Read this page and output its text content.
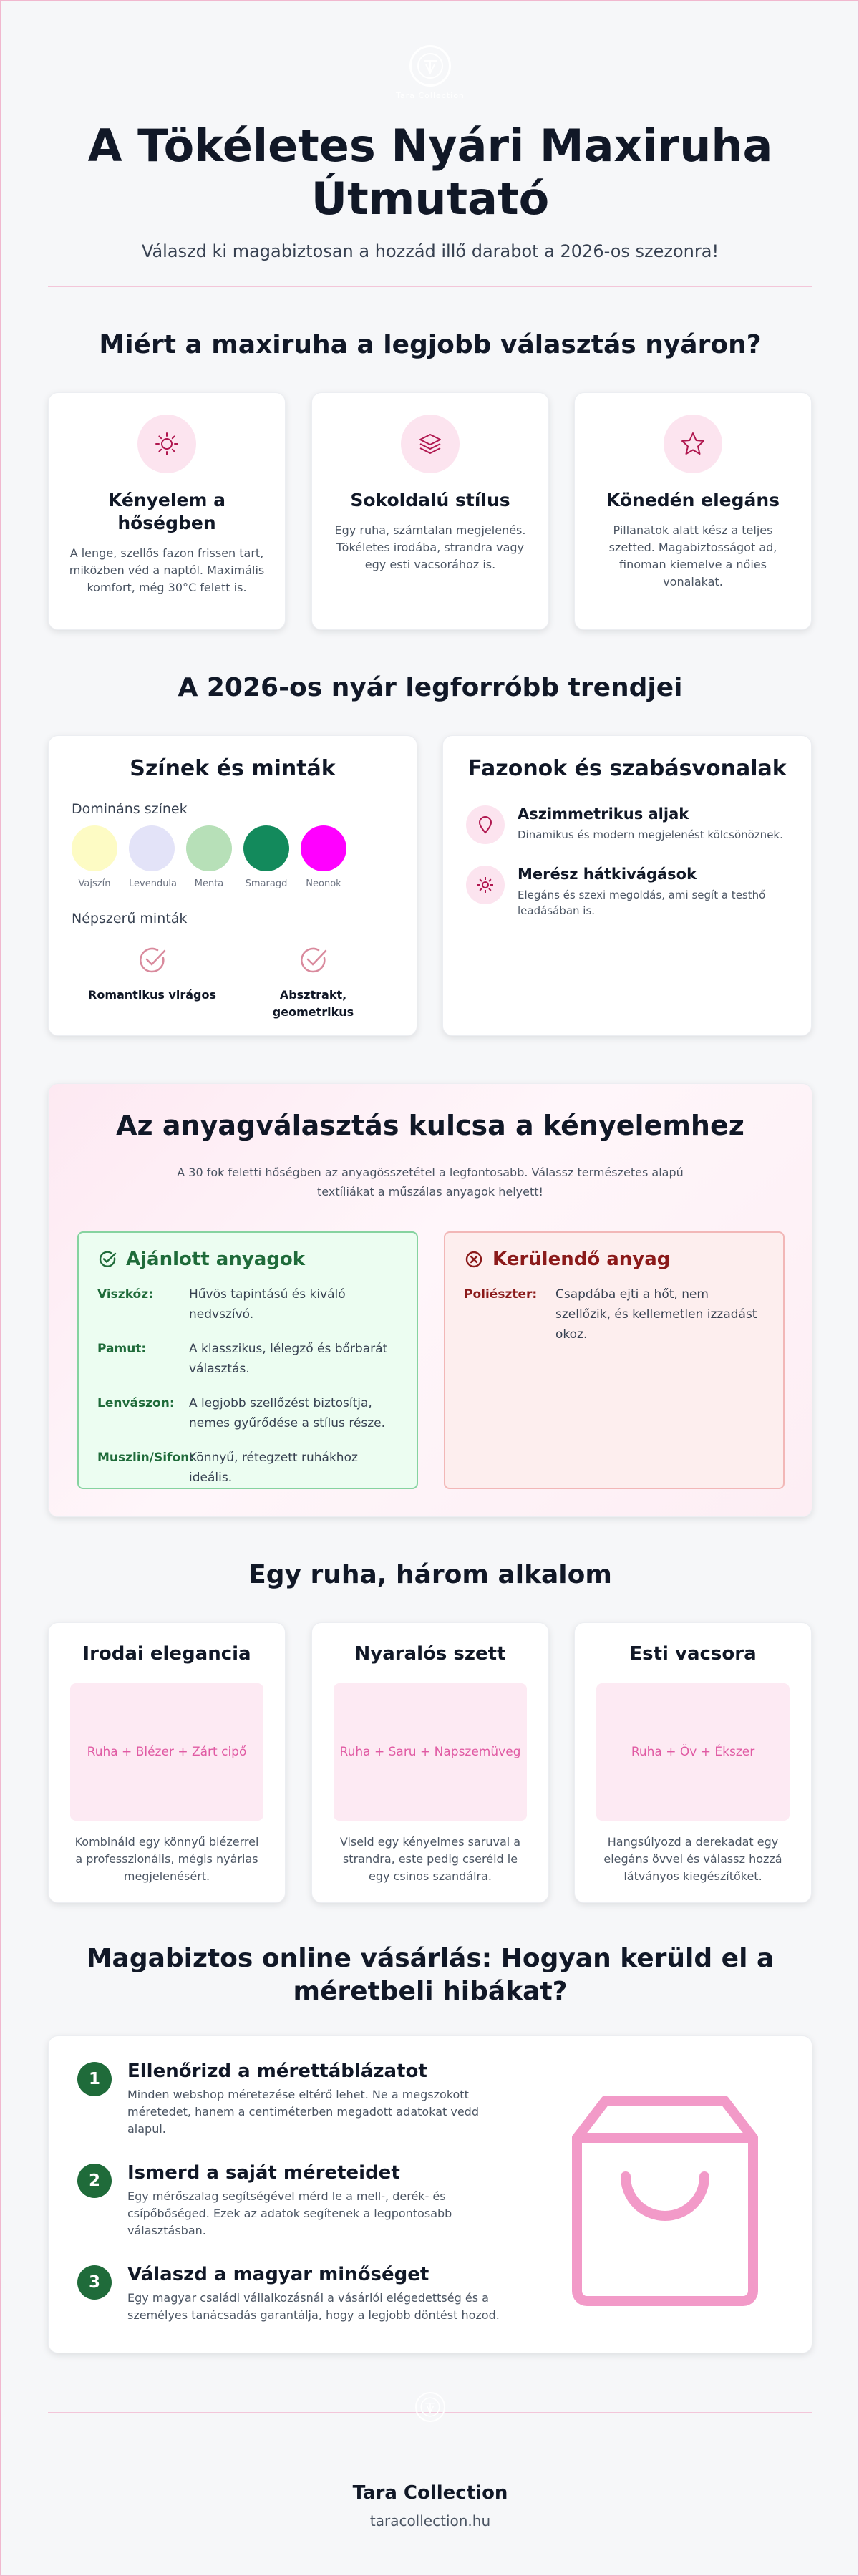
Tara Collection
A Tökéletes Nyári Maxiruha Útmutató
Válaszd ki magabiztosan a hozzád illő darabot a 2026-os szezonra!
Miért a maxiruha a legjobb választás nyáron?
Kényelem a hőségben
A lenge, szellős fazon frissen tart, miközben véd a naptól. Maximális komfort, még 30°C felett is.
Sokoldalú stílus
Egy ruha, számtalan megjelenés. Tökéletes irodába, strandra vagy egy esti vacsorához is.
Könedén elegáns
Pillanatok alatt kész a teljes szetted. Magabiztosságot ad, finoman kiemelve a nőies vonalakat.
A 2026-os nyár legforróbb trendjei
Színek és minták
Domináns színek
Vajszín	Levendula	Menta	Smaragd	Neonok
Népszerű minták
Romantikus virágos	Absztrakt, geometrikus
Fazonok és szabásvonalak
Aszimmetrikus aljak
Dinamikus és modern megjelenést kölcsönöznek.
Merész hátkivágások
Elegáns és szexi megoldás, ami segít a testhő leadásában is.
Az anyagválasztás kulcsa a kényelemhez
A 30 fok feletti hőségben az anyagösszetétel a legfontosabb. Válassz természetes alapú textíliákat a műszálas anyagok helyett!
Ajánlott anyagok
Viszkóz:	Hűvös tapintású és kiváló nedvszívó.
Pamut:	A klasszikus, lélegző és bőrbarát választás.
Lenvászon:	A legjobb szellőzést biztosítja, nemes gyűrődése a stílus része.
Muszlin/Sifon:
Könnyű, rétegzett ruhákhoz ideális.
Kerülendő anyag
Poliészter:	Csapdába ejti a hőt, nem szellőzik, és kellemetlen izzadást okoz.
Egy ruha, három alkalom
Irodai elegancia
Ruha + Blézer + Zárt cipő
Kombináld egy könnyű blézerrel a professzionális, mégis nyárias megjelenésért.
Nyaralós szett
Ruha + Saru + Napszemüveg
Viseld egy kényelmes saruval a strandra, este pedig cseréld le egy csinos szandálra.
Esti vacsora
Ruha + Öv + Ékszer
Hangsúlyozd a derekadat egy elegáns övvel és válassz hozzá látványos kiegészítőket.
Magabiztos online vásárlás: Hogyan kerüld el a méretbeli hibákat?
1	Ellenőrizd a mérettáblázatot
Minden webshop méretezése eltérő lehet. Ne a megszokott méretedet, hanem a centiméterben megadott adatokat vedd alapul.
2	Ismerd a saját méreteidet
Egy mérőszalag segítségével mérd le a mell-, derék- és csípőbőséged. Ezek az adatok segítenek a legpontosabb választásban.
3	Válaszd a magyar minőséget
Egy magyar családi vállalkozásnál a vásárlói elégedettség és a személyes tanácsadás garantálja, hogy a legjobb döntést hozod.
Tara Collection
taracollection.hu
